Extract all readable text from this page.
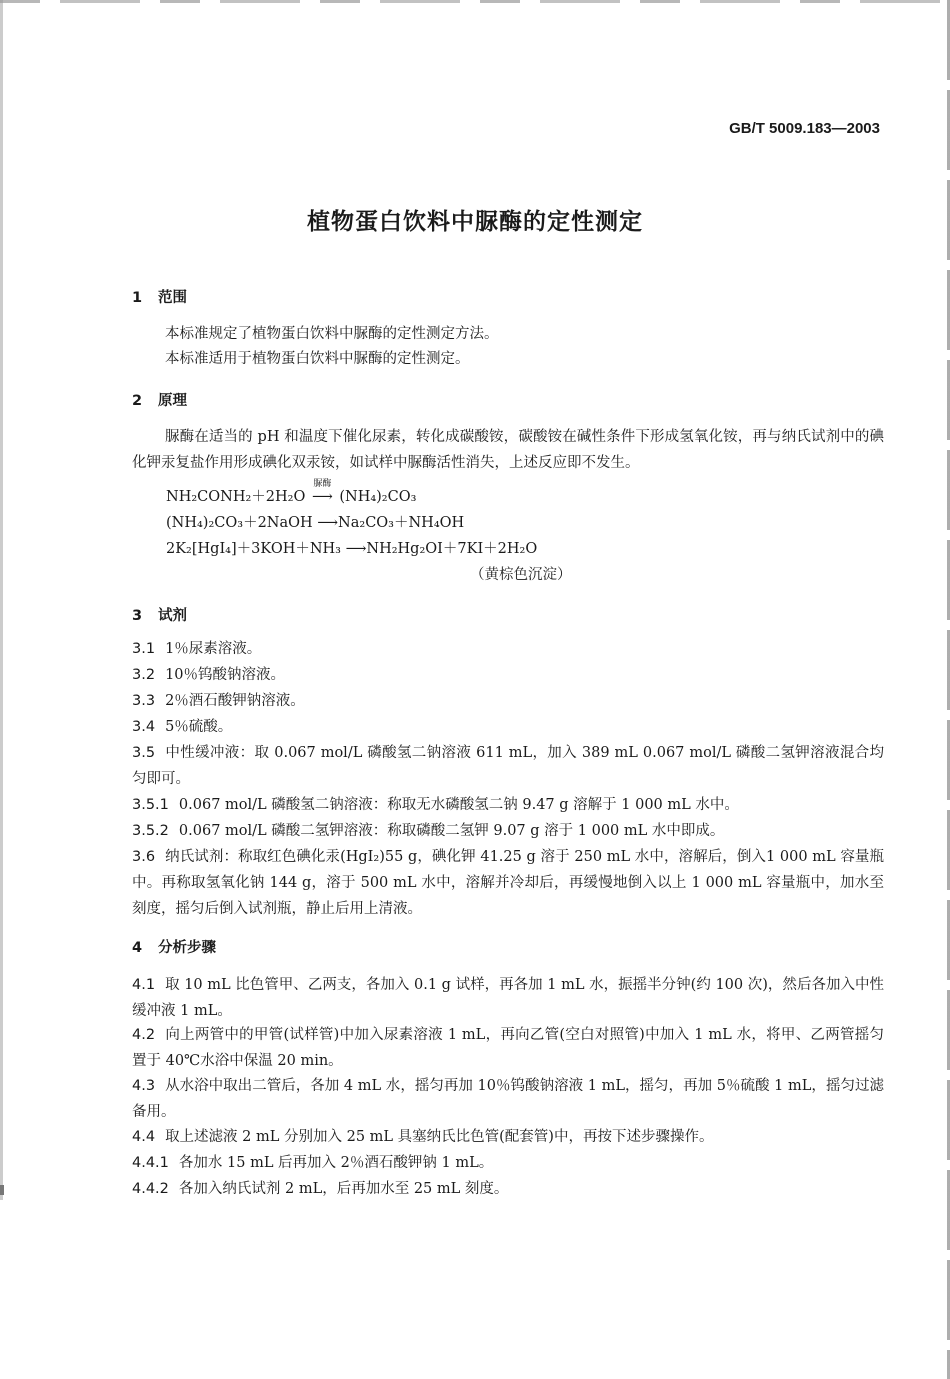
GB/T 5009.183—2003
植物蛋白饮料中脲酶的定性测定
1 范围
本标准规定了植物蛋白饮料中脲酶的定性测定方法。
本标准适用于植物蛋白饮料中脲酶的定性测定。
2 原理
脲酶在适当的 pH 和温度下催化尿素，转化成碳酸铵，碳酸铵在碱性条件下形成氢氧化铵，再与纳氏试剂中的碘化钾汞复盐作用形成碘化双汞铵，如试样中脲酶活性消失，上述反应即不发生。
NH₂CONH₂＋2H₂O
脲酶
⟶ (NH₄)₂CO₃
(NH₄)₂CO₃＋2NaOH ⟶Na₂CO₃＋NH₄OH
2K₂[HgI₄]＋3KOH＋NH₃ ⟶NH₂Hg₂OI＋7KI＋2H₂O
（黄棕色沉淀）
3 试剂
3.1 1％尿素溶液。
3.2 10％钨酸钠溶液。
3.3 2％酒石酸钾钠溶液。
3.4 5％硫酸。
3.5 中性缓冲液：取 0.067 mol/L 磷酸氢二钠溶液 611 mL，加入 389 mL 0.067 mol/L 磷酸二氢钾溶液混合均匀即可。
3.5.1 0.067 mol/L 磷酸氢二钠溶液：称取无水磷酸氢二钠 9.47 g 溶解于 1 000 mL 水中。
3.5.2 0.067 mol/L 磷酸二氢钾溶液：称取磷酸二氢钾 9.07 g 溶于 1 000 mL 水中即成。
3.6 纳氏试剂：称取红色碘化汞(HgI₂)55 g，碘化钾 41.25 g 溶于 250 mL 水中，溶解后，倒入1 000 mL 容量瓶中。再称取氢氧化钠 144 g，溶于 500 mL 水中，溶解并冷却后，再缓慢地倒入以上 1 000 mL 容量瓶中，加水至刻度，摇匀后倒入试剂瓶，静止后用上清液。
4 分析步骤
4.1 取 10 mL 比色管甲、乙两支，各加入 0.1 g 试样，再各加 1 mL 水，振摇半分钟(约 100 次)，然后各加入中性缓冲液 1 mL。
4.2 向上两管中的甲管(试样管)中加入尿素溶液 1 mL，再向乙管(空白对照管)中加入 1 mL 水，将甲、乙两管摇匀置于 40℃水浴中保温 20 min。
4.3 从水浴中取出二管后，各加 4 mL 水，摇匀再加 10％钨酸钠溶液 1 mL，摇匀，再加 5％硫酸 1 mL，摇匀过滤备用。
4.4 取上述滤液 2 mL 分别加入 25 mL 具塞纳氏比色管(配套管)中，再按下述步骤操作。
4.4.1 各加水 15 mL 后再加入 2％酒石酸钾钠 1 mL。
4.4.2 各加入纳氏试剂 2 mL，后再加水至 25 mL 刻度。
